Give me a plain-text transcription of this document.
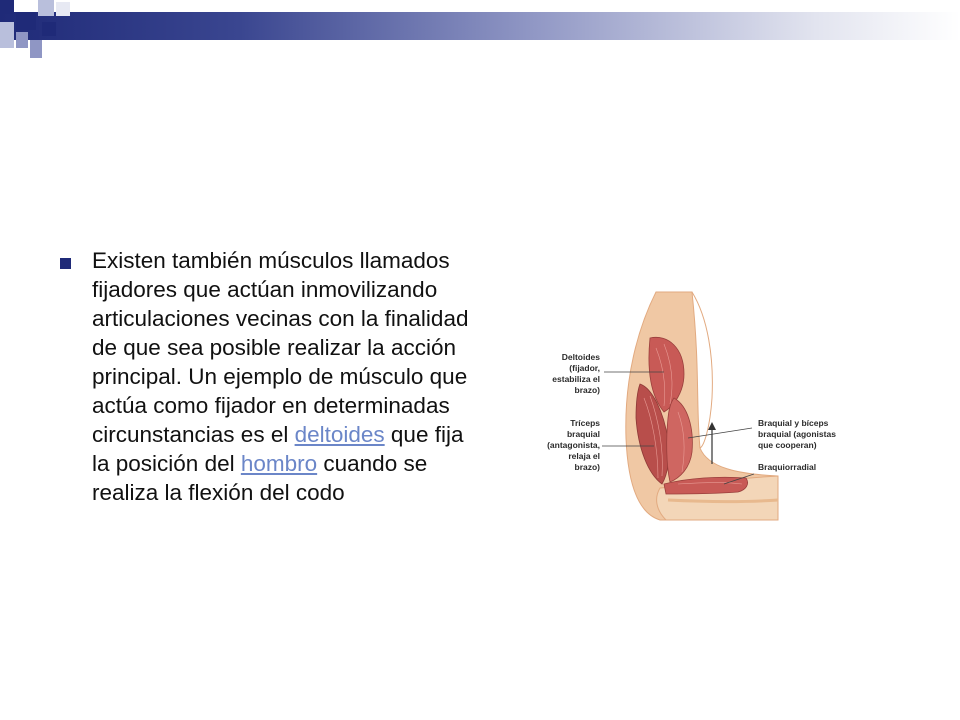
Existen también músculos llamados fijadores que actúan inmovilizando articulaciones vecinas con la finalidad de que sea posible realizar la acción principal. Un ejemplo de músculo que actúa como fijador en determinadas circunstancias es el deltoides que fija la posición del hombro cuando se realiza la flexión del codo

Deltoides
(fijador,
estabiliza el
brazo)
Tríceps
braquial
(antagonista,
relaja el
brazo)
Braquial y bíceps
braquial (agonistas
que cooperan)
Braquiorradial
